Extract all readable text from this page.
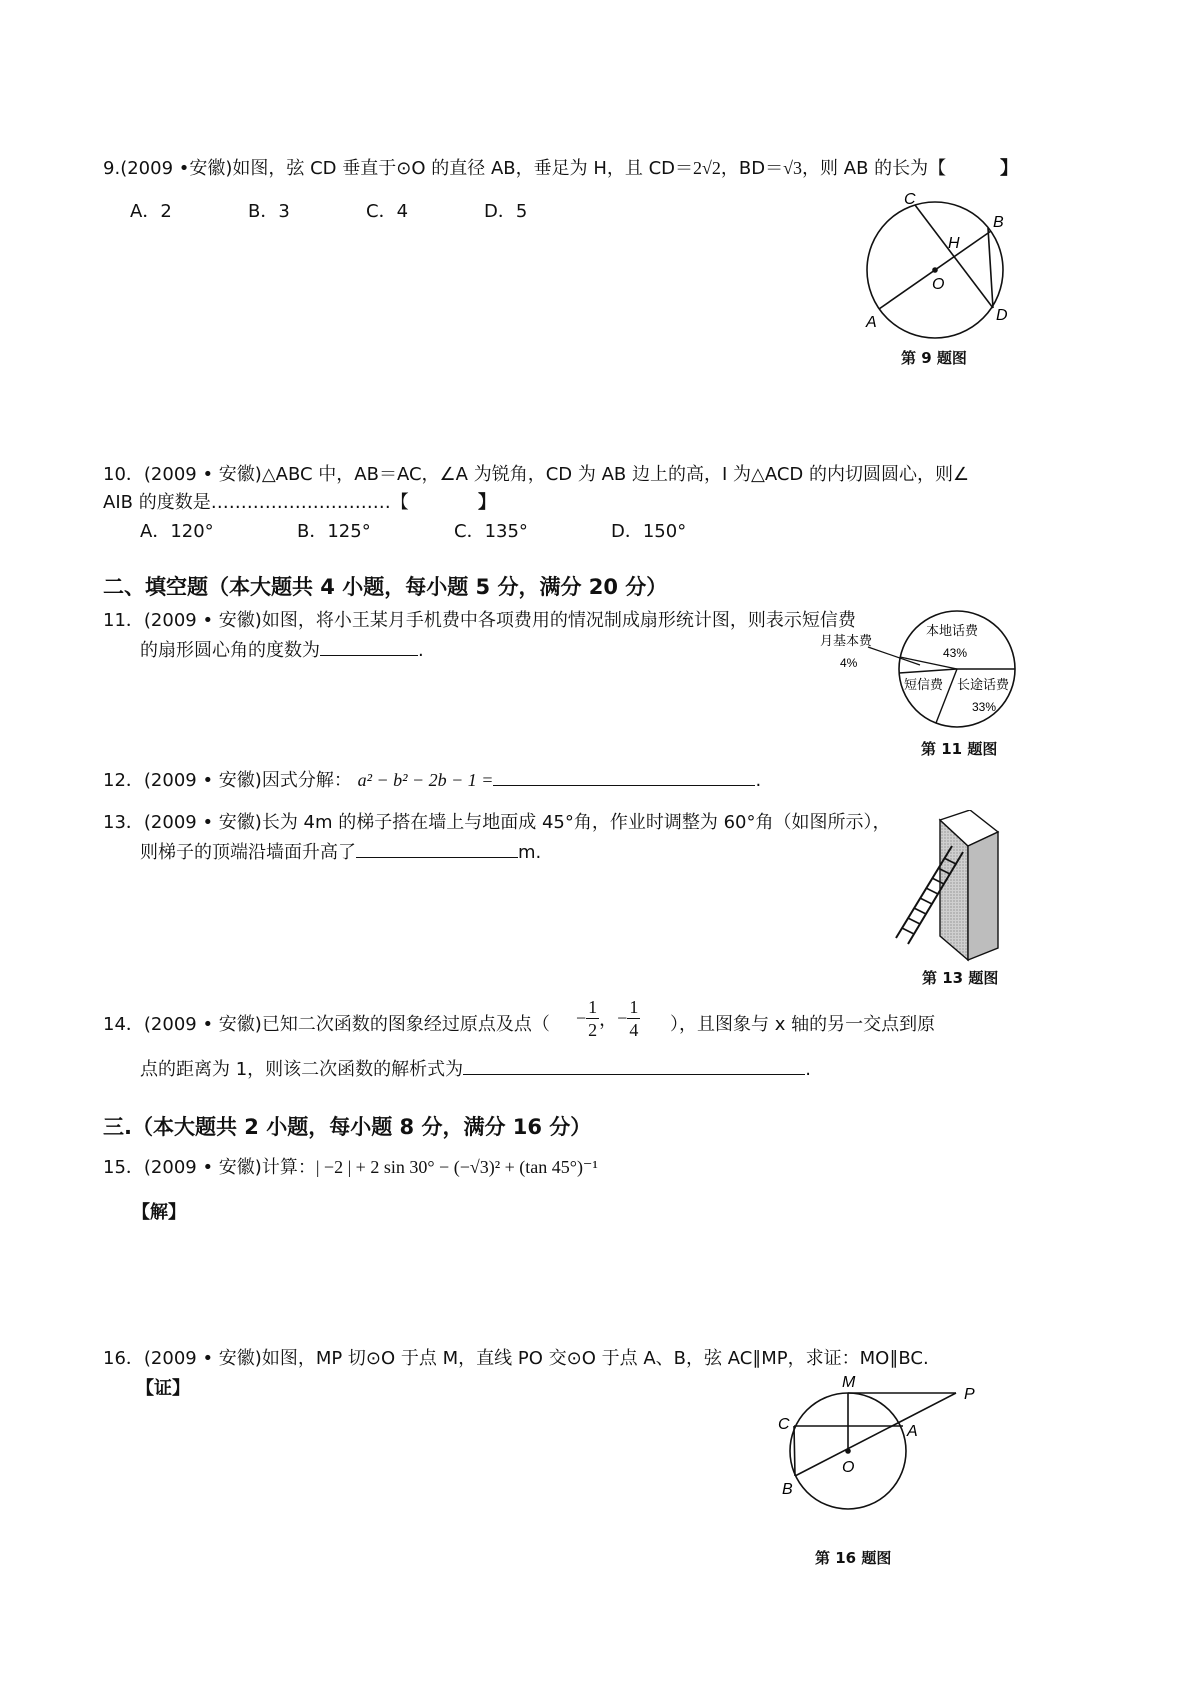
9.(2009 •安徽)如图，弦 CD 垂直于⊙O 的直径 AB，垂足为 H，且 CD＝2√2，BD＝√3，则 AB 的长为【	】
A．2	B．3	C．4	D．5
C
B
H
O
A	D
第 9 题图
10．(2009 • 安徽)△ABC 中，AB＝AC，∠A 为锐角，CD 为 AB 边上的高，I 为△ACD 的内切圆圆心，则∠
AIB 的度数是…………………………【	】
A．120°	B．125°	C．135°	D．150°
二、填空题（本大题共 4 小题，每小题 5 分，满分 20 分）
11．(2009 • 安徽)如图，将小王某月手机费中各项费用的情况制成扇形统计图，则表示短信费
的扇形圆心角的度数为	.
本地话费
43%
长途话费
33%
短信费
月基本费
4%
第 11 题图
12．(2009 • 安徽)因式分解： a² − b² − 2b − 1 =	.
13．(2009 • 安徽)长为 4m 的梯子搭在墙上与地面成 45°角，作业时调整为 60°角（如图所示），
则梯子的顶端沿墙面升高了	m.
第 13 题图
14．(2009 • 安徽)已知二次函数的图象经过原点及点（ − $\frac{1}{2}$ ，− $\frac{1}{4}$ ），且图象与 x 轴的另一交点到原
点的距离为 1，则该二次函数的解析式为	.
三.（本大题共 2 小题，每小题 8 分，满分 16 分）
15．(2009 • 安徽)计算：| −2 | + 2 sin 30° − (−√3)² + (tan 45°)⁻¹
【解】
16．(2009 • 安徽)如图，MP 切⊙O 于点 M，直线 PO 交⊙O 于点 A、B，弦 AC∥MP，求证：MO∥BC.
【证】	M
P
C	A
O
B
第 16 题图
